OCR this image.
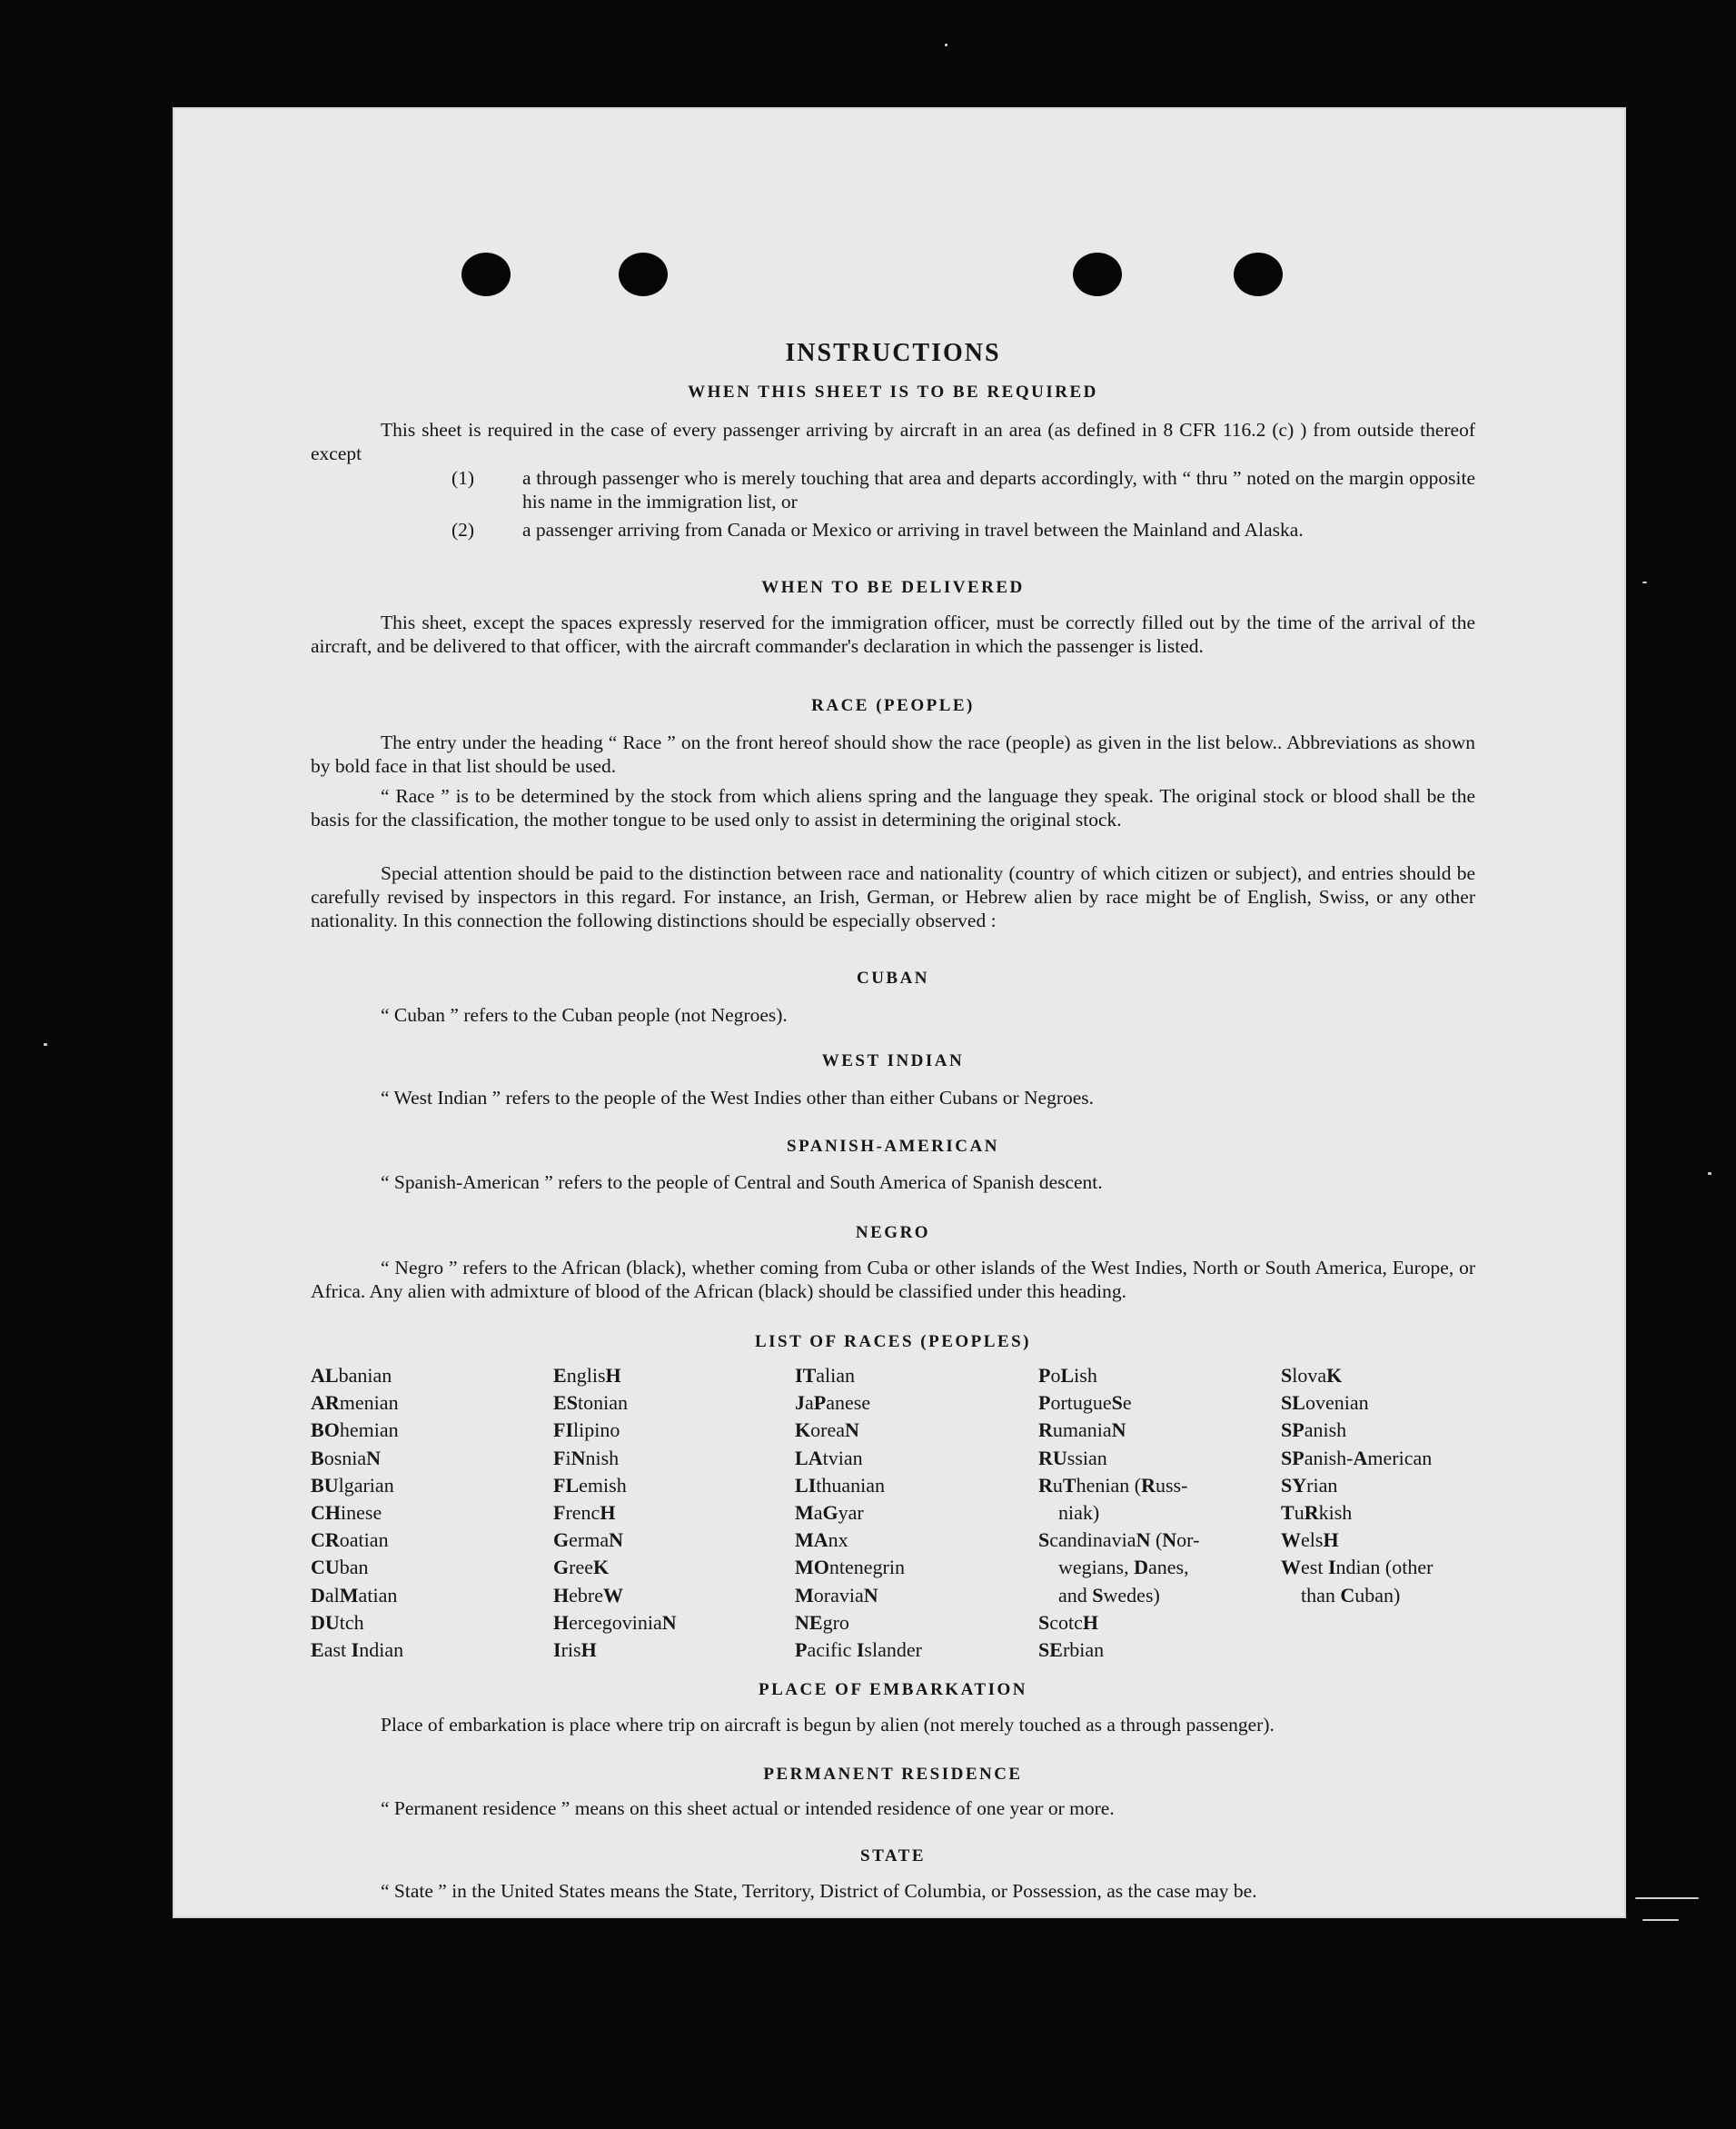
INSTRUCTIONS
WHEN THIS SHEET IS TO BE REQUIRED
This sheet is required in the case of every passenger arriving by aircraft in an area (as defined in 8 CFR 116.2 (c) ) from outside thereof except
(1) a through passenger who is merely touching that area and departs accordingly, with “ thru ” noted on the margin opposite his name in the immigration list, or
(2) a passenger arriving from Canada or Mexico or arriving in travel between the Mainland and Alaska.
WHEN TO BE DELIVERED
This sheet, except the spaces expressly reserved for the immigration officer, must be correctly filled out by the time of the arrival of the aircraft, and be delivered to that officer, with the aircraft commander's declaration in which the passenger is listed.
RACE (PEOPLE)
The entry under the heading “ Race ” on the front hereof should show the race (people) as given in the list below.. Abbreviations as shown by bold face in that list should be used.
“ Race ” is to be determined by the stock from which aliens spring and the language they speak. The original stock or blood shall be the basis for the classification, the mother tongue to be used only to assist in determining the original stock.
Special attention should be paid to the distinction between race and nationality (country of which citizen or subject), and entries should be carefully revised by inspectors in this regard. For instance, an Irish, German, or Hebrew alien by race might be of English, Swiss, or any other nationality. In this connection the following distinctions should be especially observed :
CUBAN
“ Cuban ” refers to the Cuban people (not Negroes).
WEST INDIAN
“ West Indian ” refers to the people of the West Indies other than either Cubans or Negroes.
SPANISH-AMERICAN
“ Spanish-American ” refers to the people of Central and South America of Spanish descent.
NEGRO
“ Negro ” refers to the African (black), whether coming from Cuba or other islands of the West Indies, North or South America, Europe, or Africa. Any alien with admixture of blood of the African (black) should be classified under this heading.
LIST OF RACES (PEOPLES)
ALbanian
ARmenian
BOhemian
BosniaN
BUlgarian
CHinese
CRoatian
CUban
DalMatian
DUtch
East Indian
EnglisH
EStonian
FIlipino
FiNnish
FLemish
FrencH
GermaN
GreeK
HebreW
HercegoviniaN
IrisH
ITalian
JaPanese
KoreaN
LAtvian
LIthuanian
MaGyar
MAnx
MOntenegrin
MoraviaN
NEgro
Pacific Islander
PoLish
PortugueSe
RumaniaN
RUssian
RuThenian (Russ-
niak)
ScandinaviaN (Nor-
wegians, Danes,
and Swedes)
ScotcH
SErbian
SlovaK
SLovenian
SPanish
SPanish-American
SYrian
TuRkish
WelsH
West Indian (other
than Cuban)
PLACE OF EMBARKATION
Place of embarkation is place where trip on aircraft is begun by alien (not merely touched as a through passenger).
PERMANENT RESIDENCE
“ Permanent residence ” means on this sheet actual or intended residence of one year or more.
STATE
“ State ” in the United States means the State, Territory, District of Columbia, or Possession, as the case may be.
